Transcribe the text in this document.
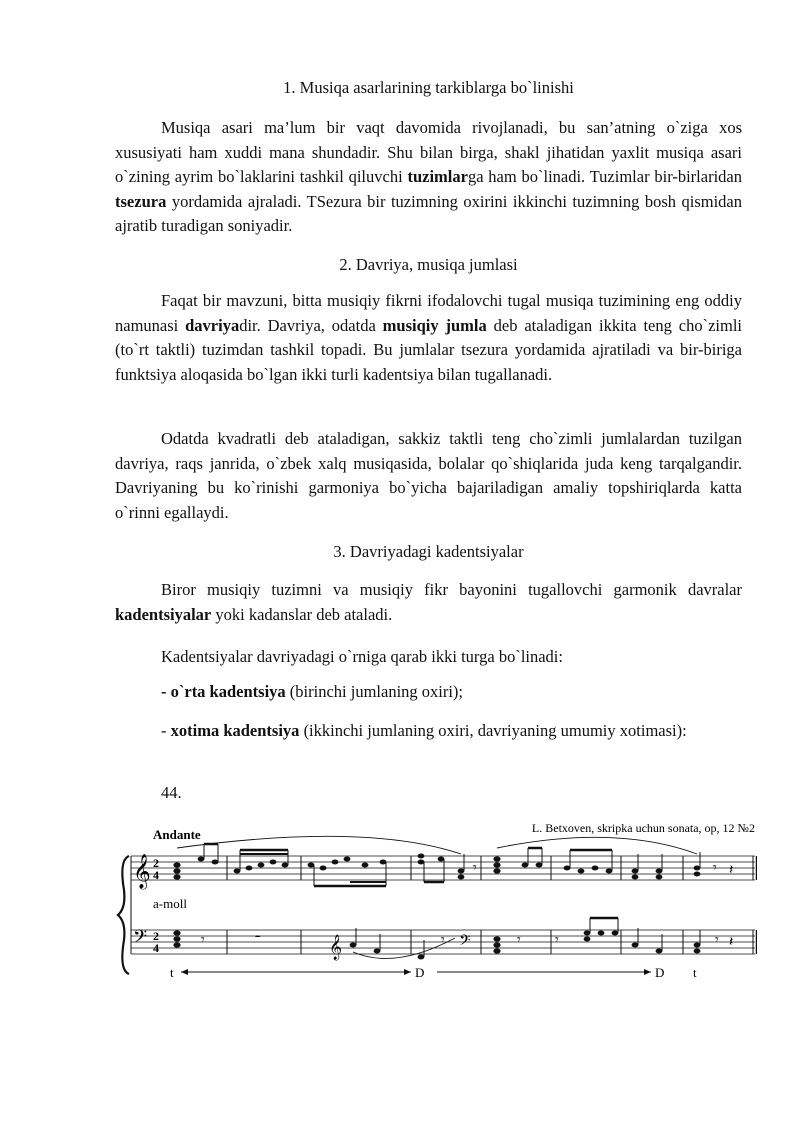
1. Musiqa asarlarining tarkiblarga bo`linishi

Musiqa asari ma’lum bir vaqt davomida rivojlanadi, bu san’atning o`ziga xos xususiyati ham xuddi mana shundadir. Shu bilan birga, shakl jihatidan yaxlit musiqa asari o`zining ayrim bo`laklarini tashkil qiluvchi tuzimlarga ham bo`linadi. Tuzimlar bir-birlaridan tsezura yordamida ajraladi. TSezura bir tuzimning oxirini ikkinchi tuzimning bosh qismidan ajratib turadigan soniyadir.

2. Davriya, musiqa jumlasi

Faqat bir mavzuni, bitta musiqiy fikrni ifodalovchi tugal musiqa tuzimining eng oddiy namunasi davriyadir. Davriya, odatda musiqiy jumla deb ataladigan ikkita teng cho`zimli (to`rt taktli) tuzimdan tashkil topadi. Bu jumlalar tsezura yordamida ajratiladi va bir-biriga funktsiya aloqasida bo`lgan ikki turli kadentsiya bilan tugallanadi.

Odatda kvadratli deb ataladigan, sakkiz taktli teng cho`zimli jumlalardan tuzilgan davriya, raqs janrida, o`zbek xalq musiqasida, bolalar qo`shiqlarida juda keng tarqalgandir. Davriyaning bu ko`rinishi garmoniya bo`yicha bajariladigan amaliy topshiriqlarda katta o`rinni egallaydi.

3. Davriyadagi kadentsiyalar

Biror musiqiy tuzimni va musiqiy fikr bayonini tugallovchi garmonik davralar kadentsiyalar yoki kadanslar deb ataladi.

Kadentsiyalar davriyadagi o`rniga qarab ikki turga bo`linadi:
- o`rta kadentsiya (birinchi jumlaning oxiri);

- xotima kadentsiya (ikkinchi jumlaning oxiri, davriyaning umumiy xotimasi):

44.
Andante	L. Betxoven, skripka uchun sonata, op, 12 №2
𝄞
𝄢
2
4
2
4
a-moll
𝄾	𝄾 𝄽
𝄾	𝄼	𝄾	𝄾 𝄾	𝄾 𝄽
𝄞	𝄢
t	D	D t
